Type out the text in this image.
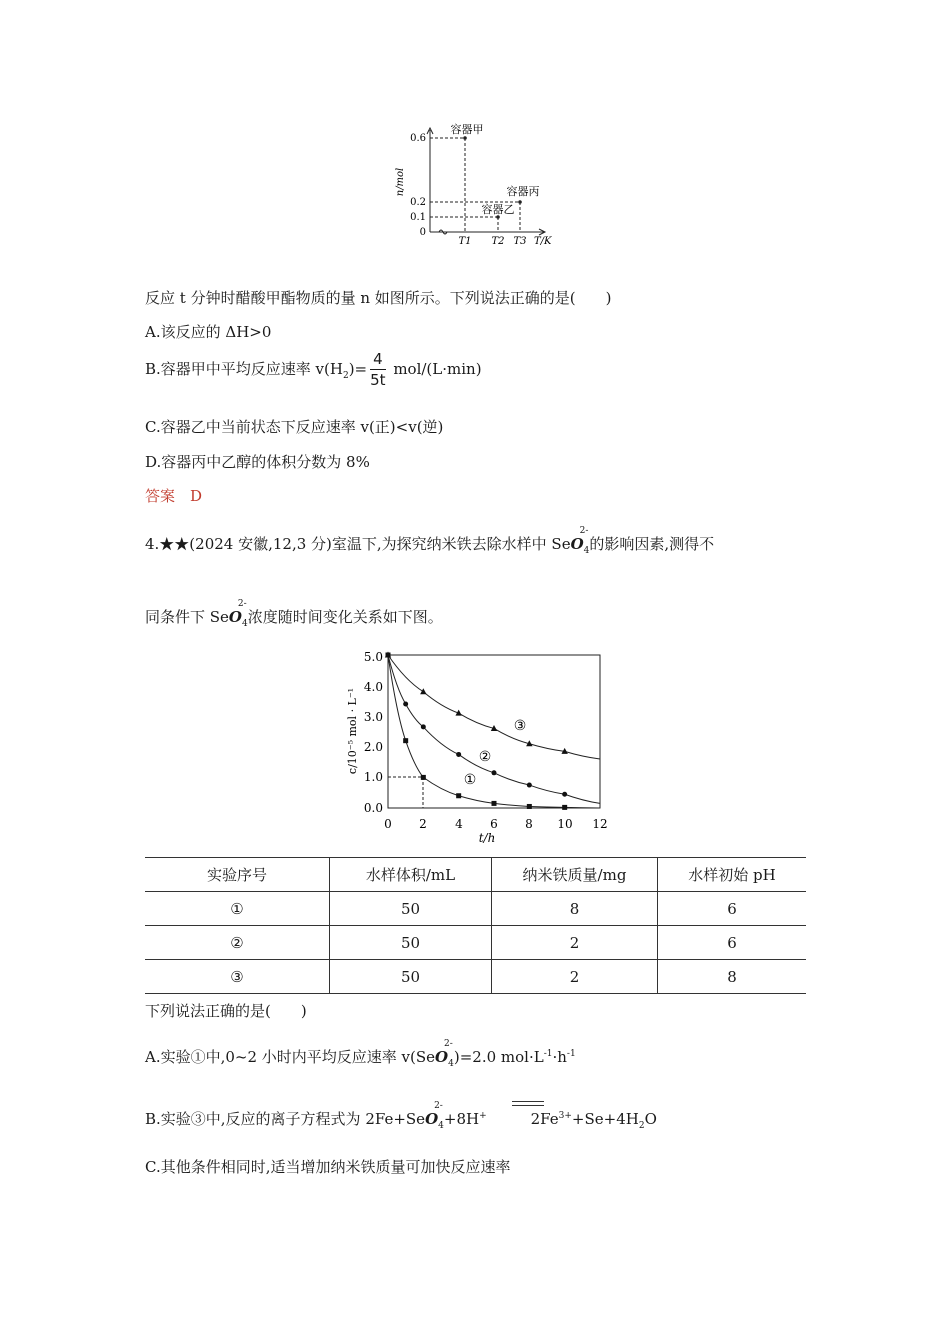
n/mol
0.6
0.2
0.1
0
T1 T2 T3 T/K
容器甲
容器乙
容器丙
反应 t 分钟时醋酸甲酯物质的量 n 如图所示。下列说法正确的是(　　)
A.该反应的 ΔH>0
B.容器甲中平均反应速率 $v(H_2)= \frac{4}{5t} mol/(L\cdot\min)$
C.容器乙中当前状态下反应速率 v(正)<v(逆)
D.容器丙中乙醇的体积分数为 8%
答案　D
4.★★(2024 安徽,12,3 分)室温下,为探究纳米铁去除水样中 SeO$_4$
2-
的影响因素,测得不
同条件下 SeO$_4$
2-
浓度随时间变化关系如下图。
5.0
4.0
3.0
2.0
1.0
0.0
0 2 4 6 8 10 12
t/h
c/10⁻⁵ mol · L⁻¹
①
②
③
实验序号	水样体积/mL	纳米铁质量/mg	水样初始 pH
①	50	8	6
②	50	2	6
③	50	2	8
下列说法正确的是(　　)
A.实验①中,0~2 小时内平均反应速率 v(SeO$_4$
2-
)=2.0 $mol\cdot L^{-1}\cdot h^{-1}$
B.实验③中,反应的离子方程式为 2Fe+SeO$_4$
2-
+8H+	$2Fe^{3+}+Se+4H_2O$
C.其他条件相同时,适当增加纳米铁质量可加快反应速率
